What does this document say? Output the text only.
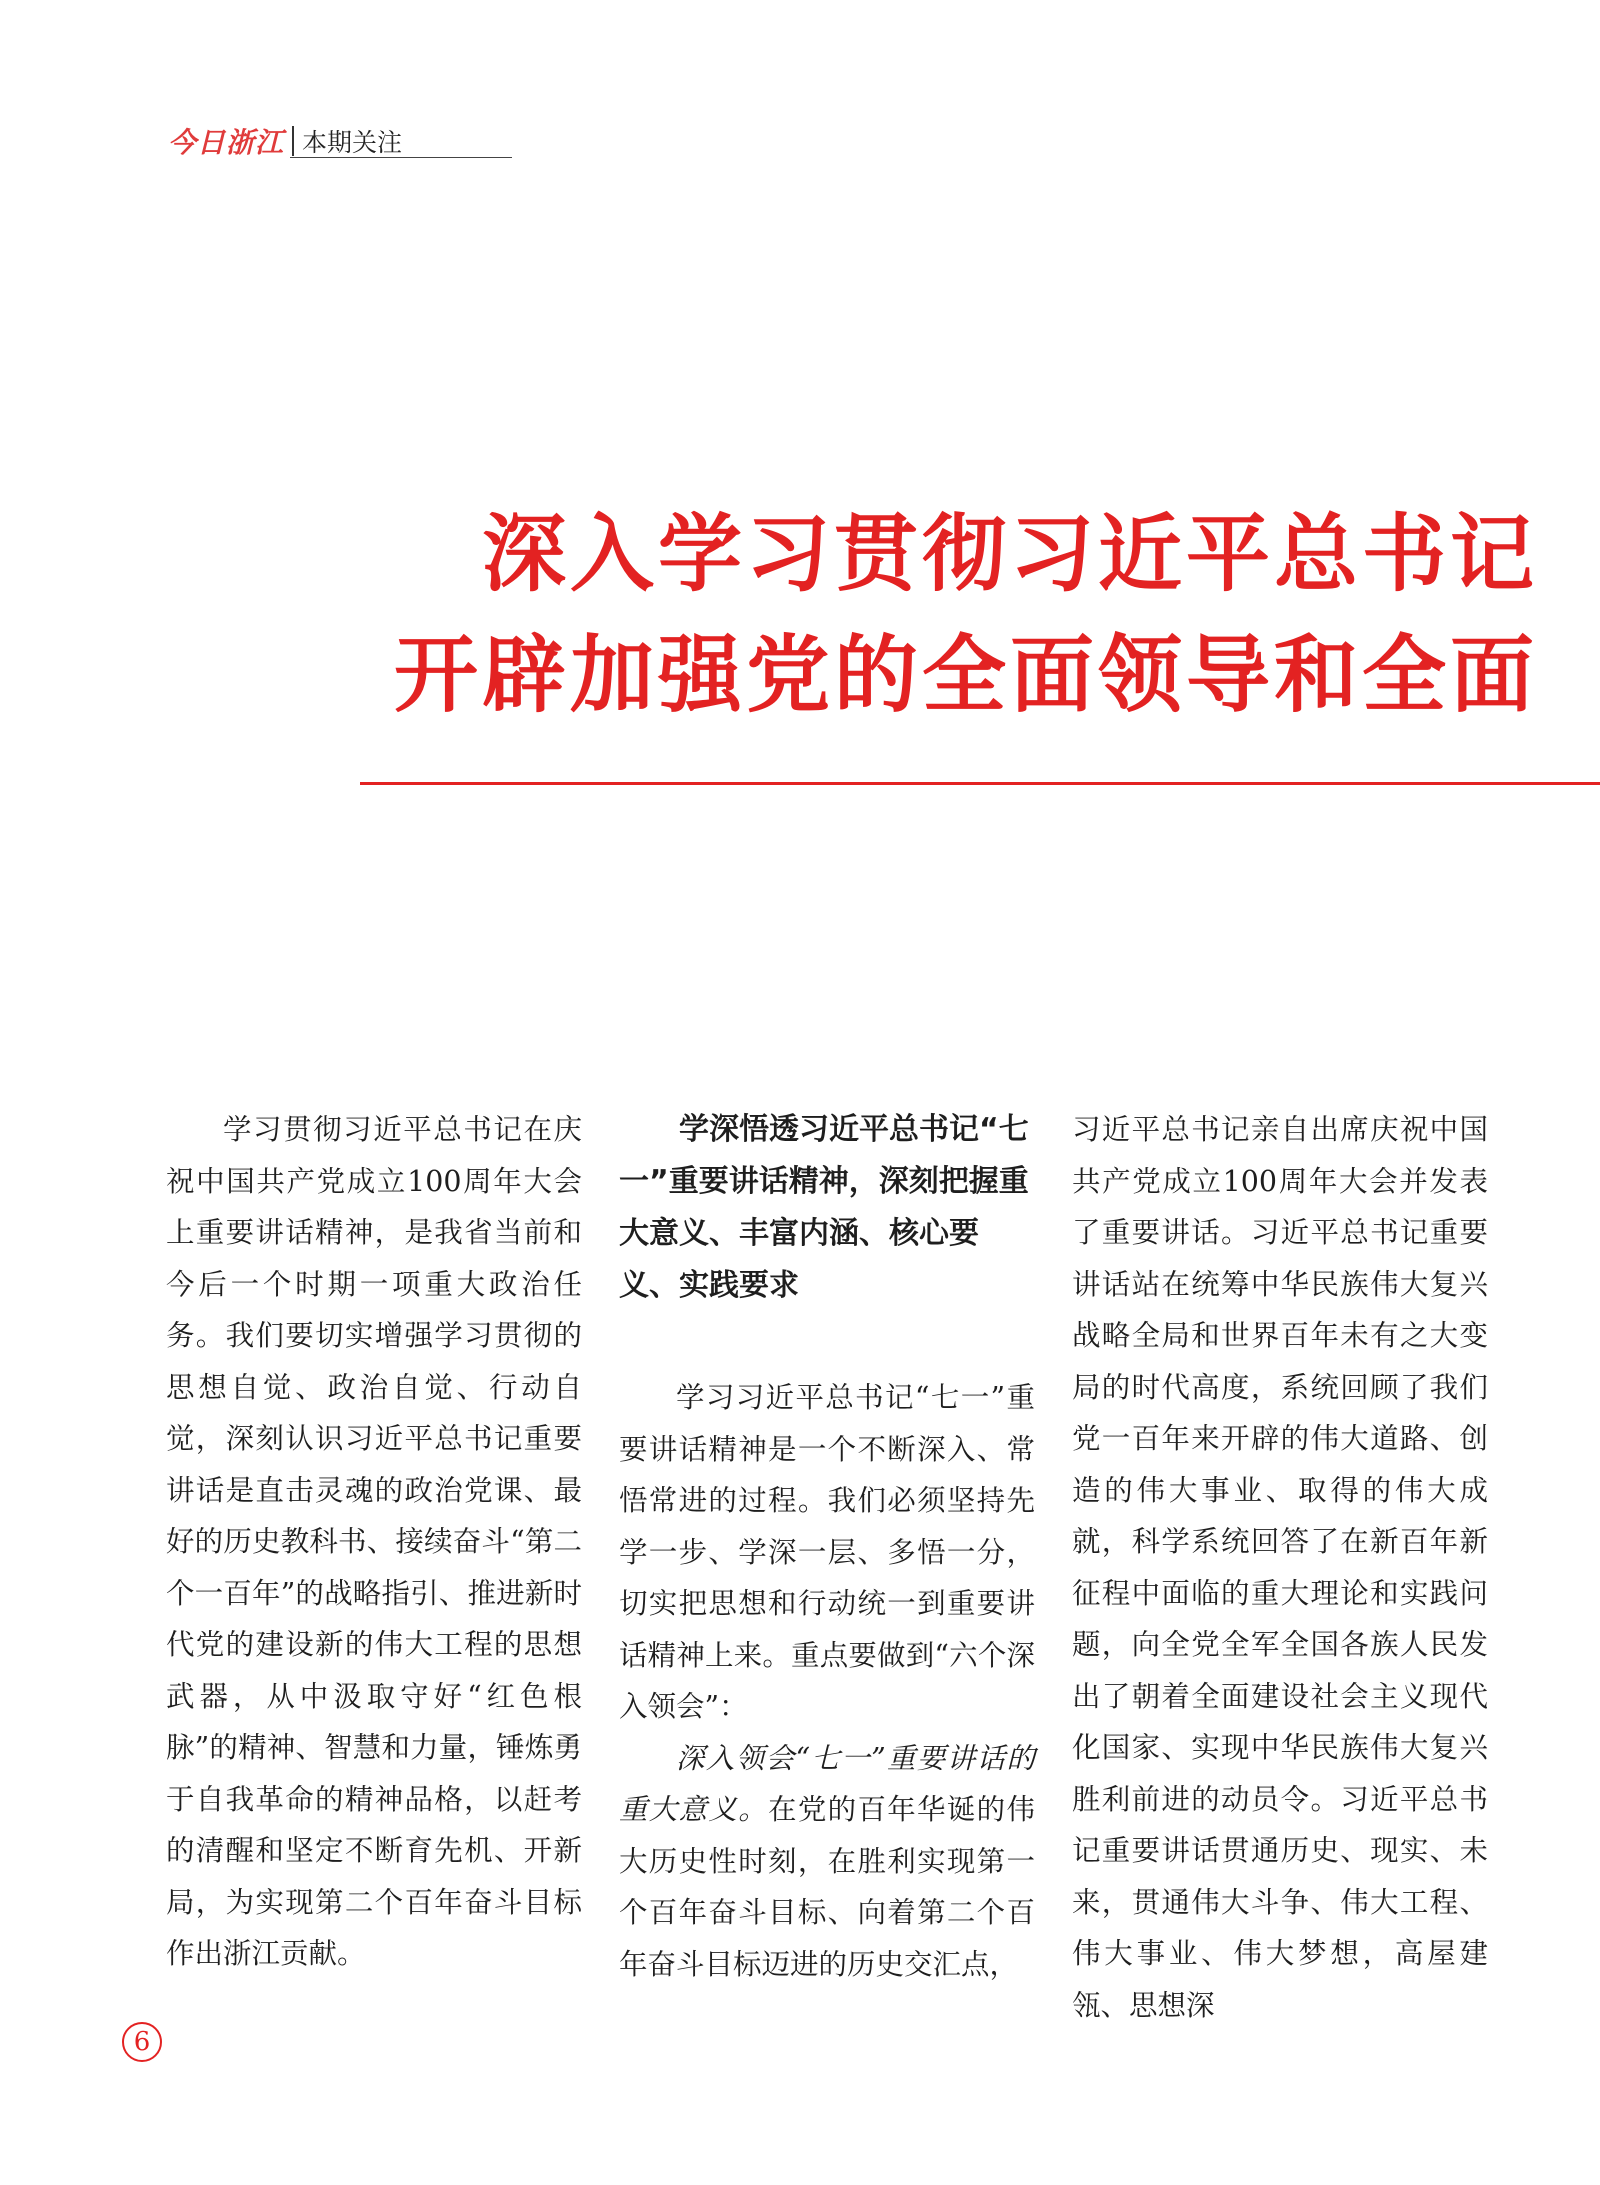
今日浙江 本期关注
深入学习贯彻习近平总书记
开辟加强党的全面领导和全面

学习贯彻习近平总书记在庆祝中国共产党成立100周年大会上重要讲话精神，是我省当前和今后一个时期一项重大政治任务。我们要切实增强学习贯彻的思想自觉、政治自觉、行动自觉，深刻认识习近平总书记重要讲话是直击灵魂的政治党课、最好的历史教科书、接续奋斗“第二个一百年”的战略指引、推进新时代党的建设新的伟大工程的思想武器，从中汲取守好“红色根脉”的精神、智慧和力量，锤炼勇于自我革命的精神品格，以赶考的清醒和坚定不断育先机、开新局，为实现第二个百年奋斗目标作出浙江贡献。

学深悟透习近平总书记“七一”重要讲话精神，深刻把握重大意义、丰富内涵、核心要义、实践要求

学习习近平总书记“七一”重要讲话精神是一个不断深入、常悟常进的过程。我们必须坚持先学一步、学深一层、多悟一分，切实把思想和行动统一到重要讲话精神上来。重点要做到“六个深入领会”：

深入领会“七一”重要讲话的重大意义。在党的百年华诞的伟大历史性时刻，在胜利实现第一个百年奋斗目标、向着第二个百年奋斗目标迈进的历史交汇点，

习近平总书记亲自出席庆祝中国共产党成立100周年大会并发表了重要讲话。习近平总书记重要讲话站在统筹中华民族伟大复兴战略全局和世界百年未有之大变局的时代高度，系统回顾了我们党一百年来开辟的伟大道路、创造的伟大事业、取得的伟大成就，科学系统回答了在新百年新征程中面临的重大理论和实践问题，向全党全军全国各族人民发出了朝着全面建设社会主义现代化国家、实现中华民族伟大复兴胜利前进的动员令。习近平总书记重要讲话贯通历史、现实、未来，贯通伟大斗争、伟大工程、伟大事业、伟大梦想，高屋建瓴、思想深

6
